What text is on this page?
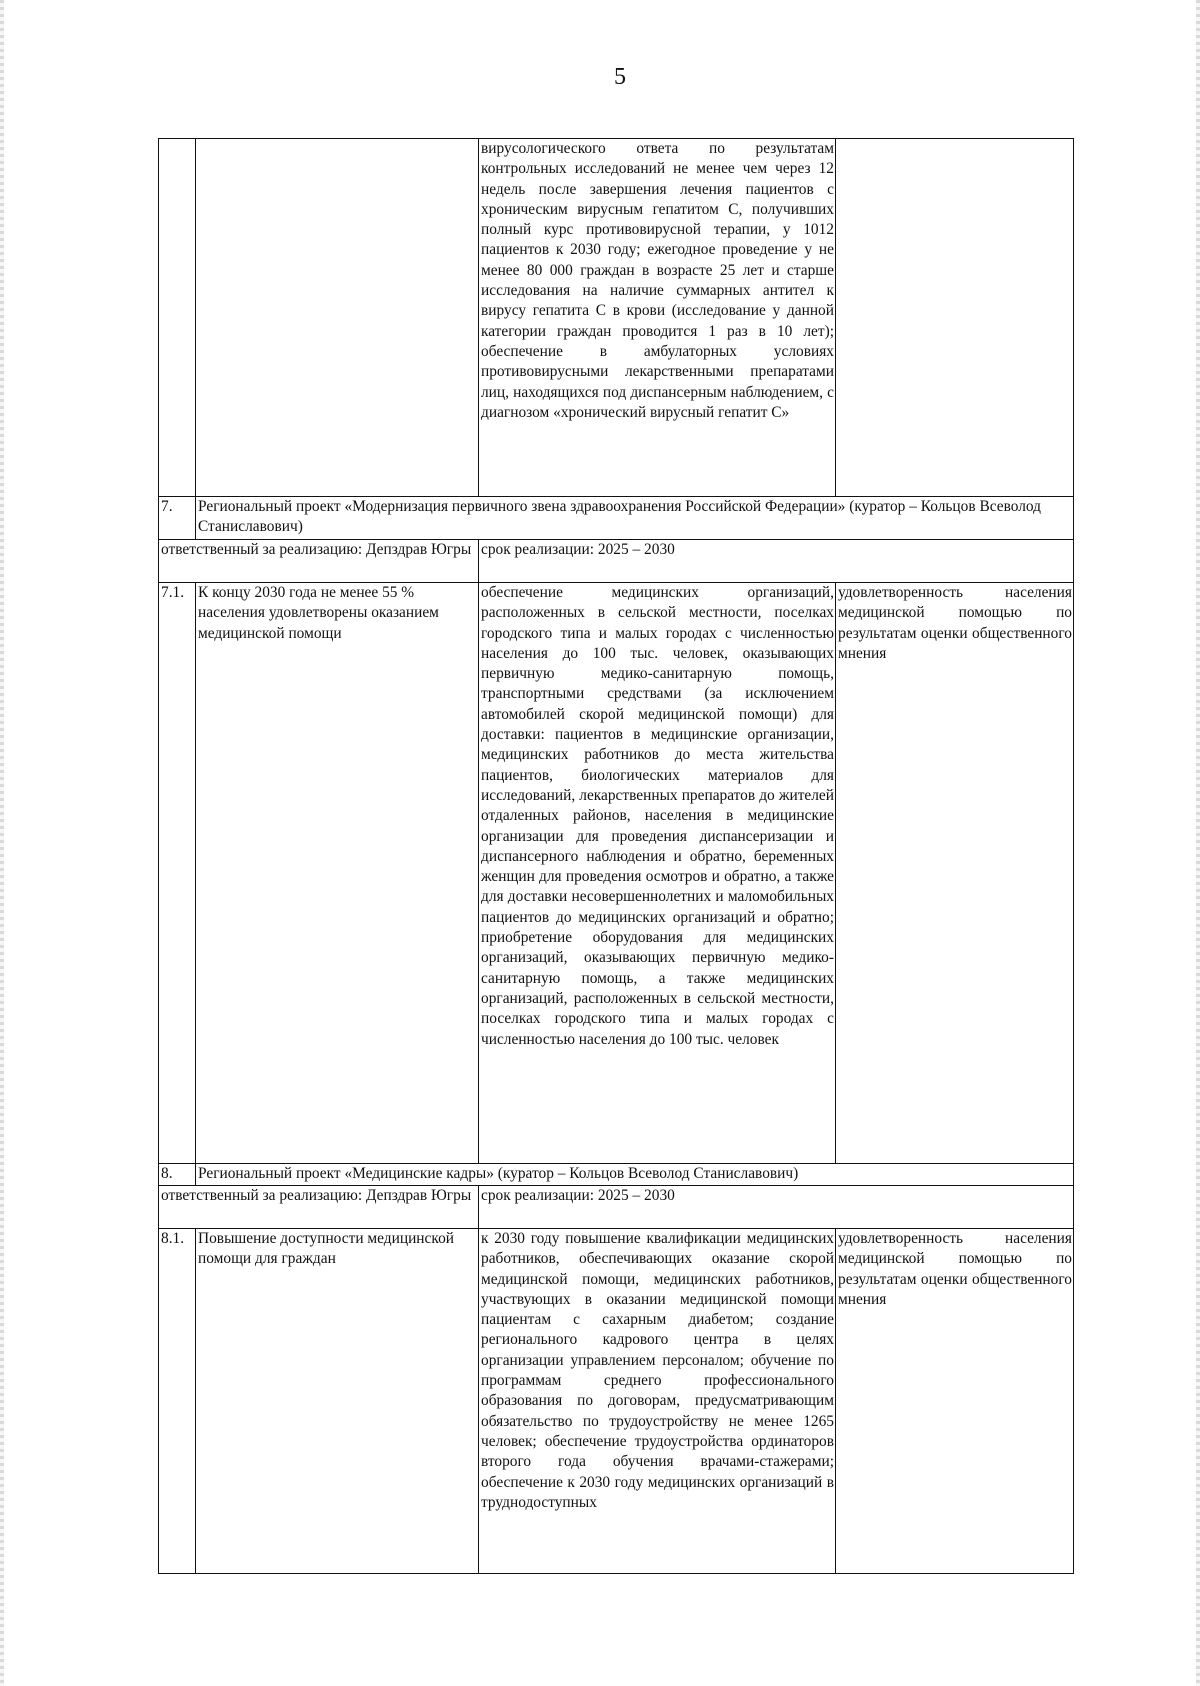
5
		вирусологического ответа по результатам контрольных исследований не менее чем через 12 недель после завершения лечения пациентов с хроническим вирусным гепатитом С, получивших полный курс противовирусной терапии, у 1012 пациентов к 2030 году; ежегодное проведение у не менее 80 000 граждан в возрасте 25 лет и старше исследования на наличие суммарных антител к вирусу гепатита С в крови (исследование у данной категории граждан проводится 1 раз в 10 лет); обеспечение в амбулаторных условиях противовирусными лекарственными препаратами лиц, находящихся под диспансерным наблюдением, с диагнозом «хронический вирусный гепатит С»	
7.	Региональный проект «Модернизация первичного звена здравоохранения Российской Федерации» (куратор – Кольцов Всеволод Станиславович)		
ответственный за реализацию: Депздрав Югры		срок реализации: 2025 – 2030	
7.1.	К концу 2030 года не менее 55 % населения удовлетворены оказанием медицинской помощи	обеспечение медицинских организаций, расположенных в сельской местности, поселках городского типа и малых городах с численностью населения до 100 тыс. человек, оказывающих первичную медико-санитарную помощь, транспортными средствами (за исключением автомобилей скорой медицинской помощи) для доставки: пациентов в медицинские организации, медицинских работников до места жительства пациентов, биологических материалов для исследований, лекарственных препаратов до жителей отдаленных районов, населения в медицинские организации для проведения диспансеризации и диспансерного наблюдения и обратно, беременных женщин для проведения осмотров и обратно, а также для доставки несовершеннолетних и маломобильных пациентов до медицинских организаций и обратно; приобретение оборудования для медицинских организаций, оказывающих первичную медико-санитарную помощь, а также медицинских организаций, расположенных в сельской местности, поселках городского типа и малых городах с численностью населения до 100 тыс. человек	удовлетворенность населения медицинской помощью по результатам оценки общественного мнения
8.	Региональный проект «Медицинские кадры» (куратор – Кольцов Всеволод Станиславович)		
ответственный за реализацию: Депздрав Югры		срок реализации: 2025 – 2030	
8.1.	Повышение доступности медицинской помощи для граждан	к 2030 году повышение квалификации медицинских работников, обеспечивающих оказание скорой медицинской помощи, медицинских работников, участвующих в оказании медицинской помощи пациентам с сахарным диабетом; создание регионального кадрового центра в целях организации управлением персоналом; обучение по программам среднего профессионального образования по договорам, предусматривающим обязательство по трудоустройству не менее 1265 человек; обеспечение трудоустройства ординаторов второго года обучения врачами-стажерами; обеспечение к 2030 году медицинских организаций в труднодоступных	удовлетворенность населения медицинской помощью по результатам оценки общественного мнения
